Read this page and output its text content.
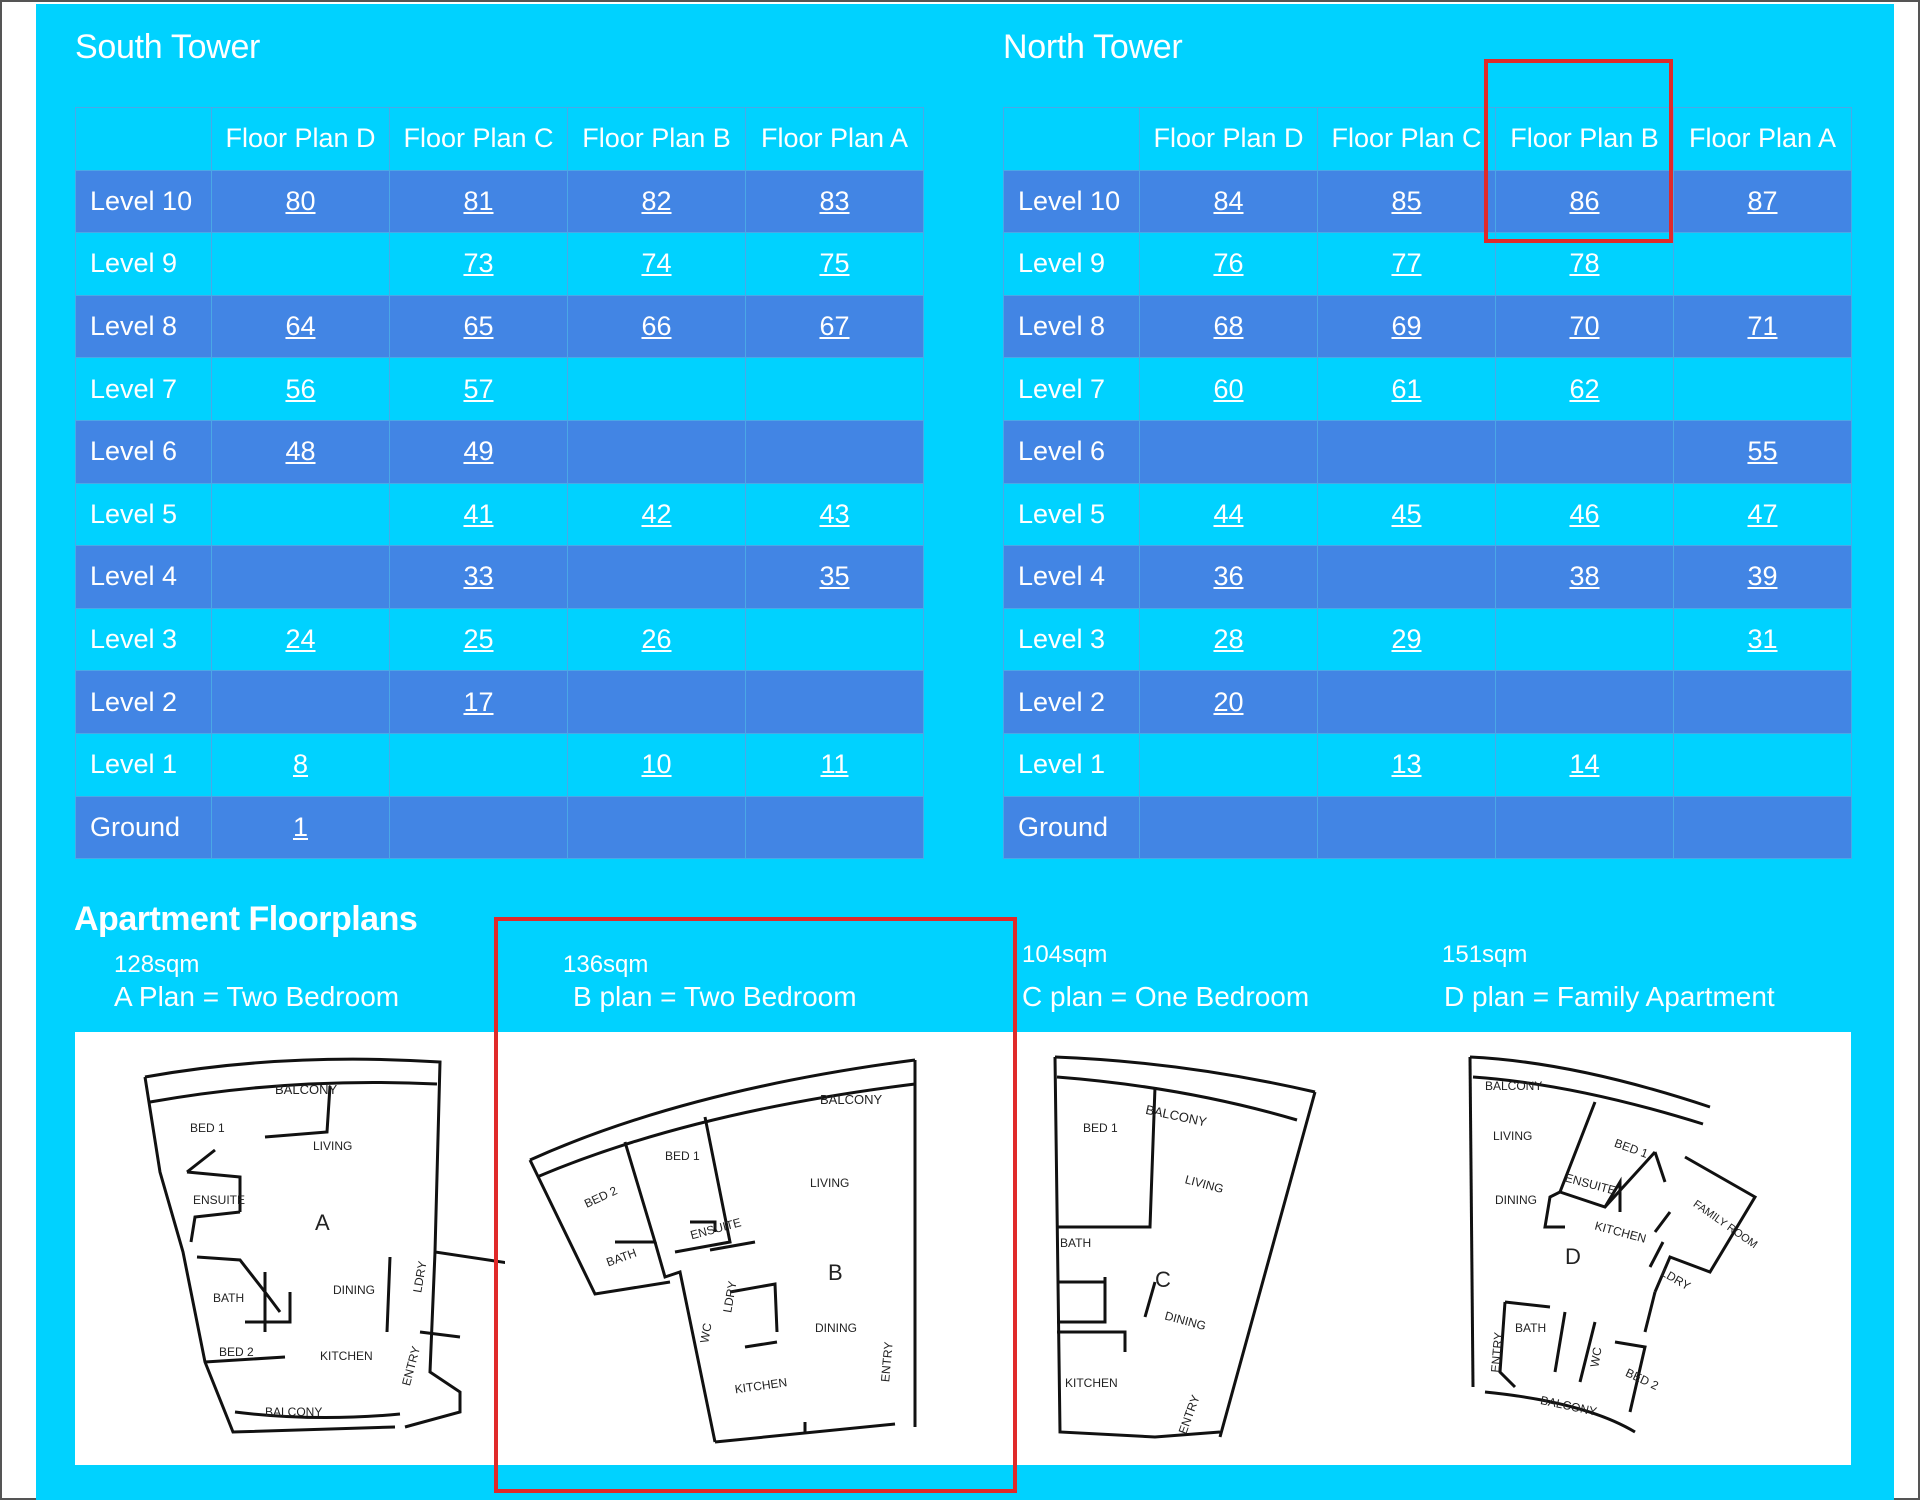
South Tower	North Tower
	Floor Plan D	Floor Plan C	Floor Plan B	Floor Plan A
Level 10	80	81	82	83
Level 9		73	74	75
Level 8	64	65	66	67
Level 7	56	57		
Level 6	48	49		
Level 5		41	42	43
Level 4		33		35
Level 3	24	25	26	
Level 2		17		
Level 1	8		10	11
Ground	1			
	Floor Plan D	Floor Plan C	Floor Plan B	Floor Plan A
Level 10	84	85	86	87
Level 9	76	77	78	
Level 8	68	69	70	71
Level 7	60	61	62	
Level 6				55
Level 5	44	45	46	47
Level 4	36		38	39
Level 3	28	29		31
Level 2	20			
Level 1		13	14	
Ground				
Apartment Floorplans
128sqm
A Plan = Two Bedroom
136sqm
B plan = Two Bedroom
104sqm
C plan = One Bedroom
151sqm
D plan = Family Apartment
BALCONY
BED 1
LIVING
ENSUITE
A
DINING
BATH
BED 2	KITCHEN
LDRY
ENTRY
BALCONY
BALCONY
BED 2
BED 1
LIVING
ENSUITE
BATH
B
LDRY
WC	DINING
KITCHEN
ENTRY
BALCONY
BED 1
LIVING
BATH
C
DINING
KITCHEN
ENTRY
BALCONY
BED 1
LIVING
ENSUITE
DINING	FAMILY ROOM
KITCHEN
D
LDRY
BATH
WC
BED 2
ENTRY
BALCONY
